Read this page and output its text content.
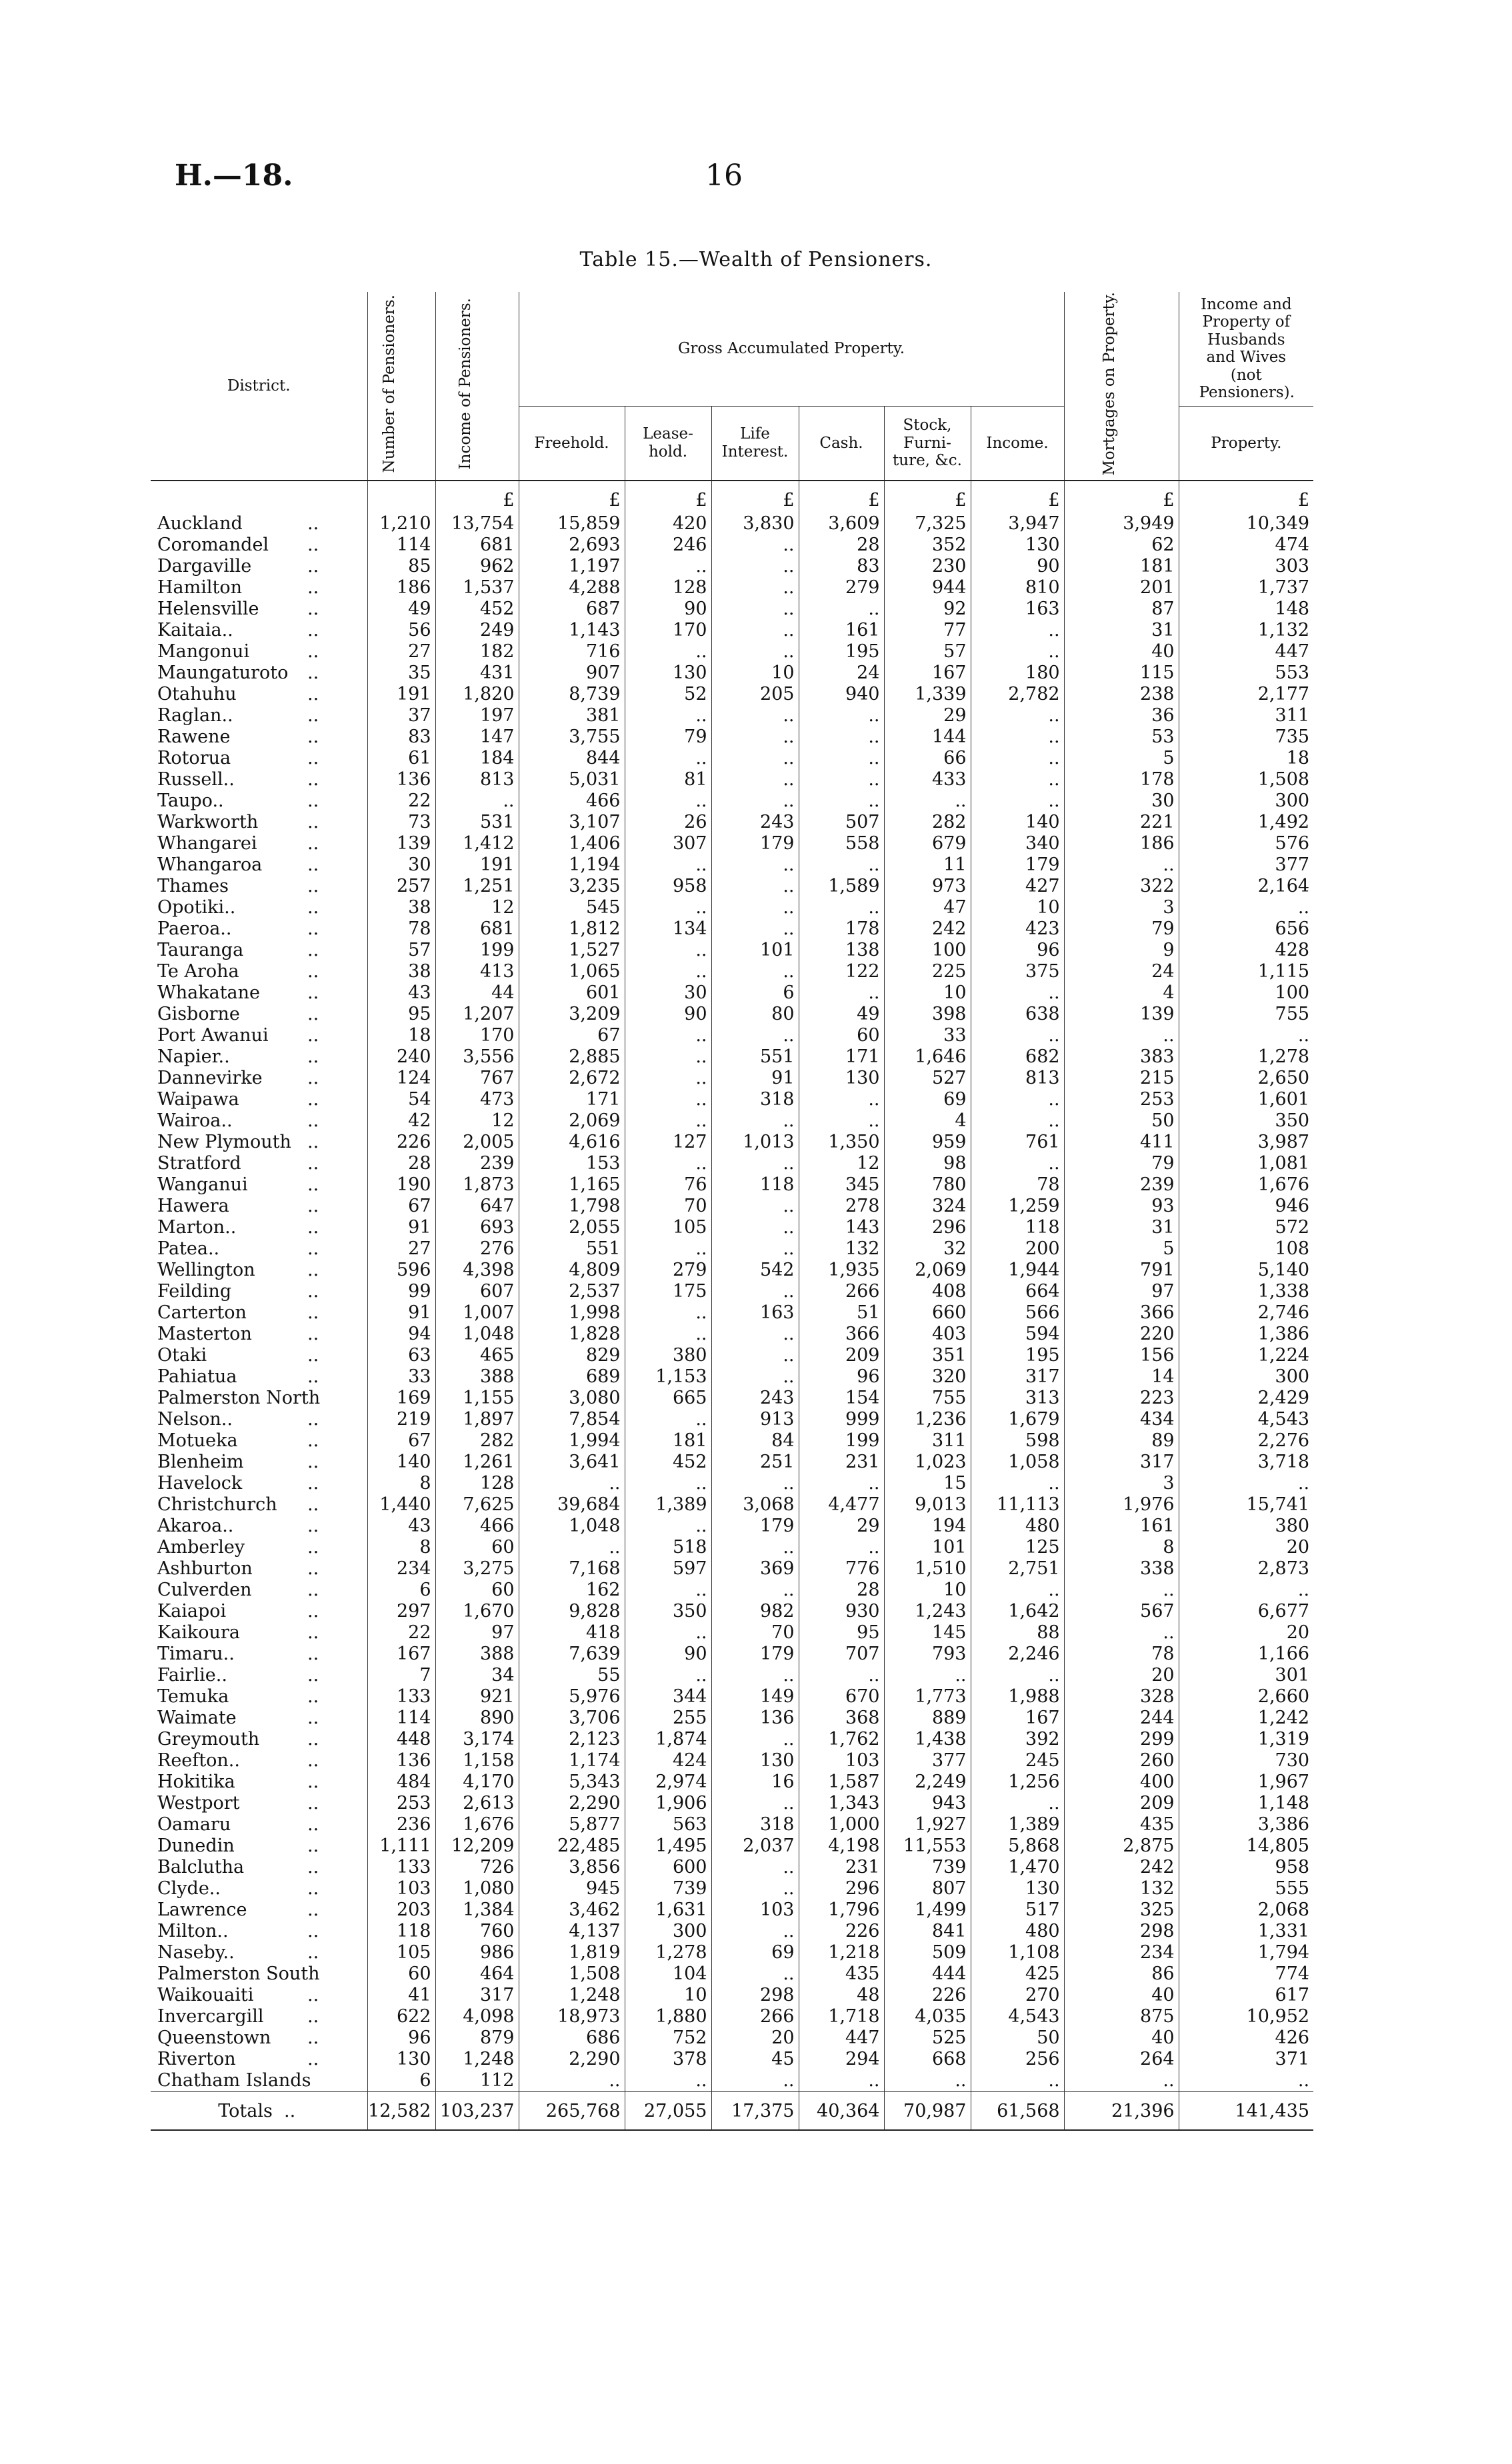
H.—18.	16
Table 15.—Wealth of Pensioners.
District.	Number of Pensioners.	Income of Pensioners.	Gross Accumulated Property.						Mortgages on Property.	Income and Property of Husbands and Wives (not Pensioners).
			Freehold.	Lease-hold.	Life Interest.	Cash.	Stock, Furni-ture, &c.	Income.		Property.
		£	£	£	£	£	£	£	£	£
Auckland ..	1,210	13,754	15,859	420	3,830	3,609	7,325	3,947	3,949	10,349
Coromandel ..	114	681	2,693	246	..	28	352	130	62	474
Dargaville ..	85	962	1,197	..	..	83	230	90	181	303
Hamilton ..	186	1,537	4,288	128	..	279	944	810	201	1,737
Helensville ..	49	452	687	90	..	..	92	163	87	148
Kaitaia.. ..	56	249	1,143	170	..	161	77	..	31	1,132
Mangonui ..	27	182	716	..	..	195	57	..	40	447
Maungaturoto ..	35	431	907	130	10	24	167	180	115	553
Otahuhu ..	191	1,820	8,739	52	205	940	1,339	2,782	238	2,177
Raglan.. ..	37	197	381	..	..	..	29	..	36	311
Rawene ..	83	147	3,755	79	..	..	144	..	53	735
Rotorua ..	61	184	844	..	..	..	66	..	5	18
Russell.. ..	136	813	5,031	81	..	..	433	..	178	1,508
Taupo.. ..	22	..	466	..	..	..	..	..	30	300
Warkworth ..	73	531	3,107	26	243	507	282	140	221	1,492
Whangarei ..	139	1,412	1,406	307	179	558	679	340	186	576
Whangaroa ..	30	191	1,194	..	..	..	11	179	..	377
Thames ..	257	1,251	3,235	958	..	1,589	973	427	322	2,164
Opotiki.. ..	38	12	545	..	..	..	47	10	3	..
Paeroa.. ..	78	681	1,812	134	..	178	242	423	79	656
Tauranga ..	57	199	1,527	..	101	138	100	96	9	428
Te Aroha ..	38	413	1,065	..	..	122	225	375	24	1,115
Whakatane ..	43	44	601	30	6	..	10	..	4	100
Gisborne ..	95	1,207	3,209	90	80	49	398	638	139	755
Port Awanui ..	18	170	67	..	..	60	33	..	..	..
Napier.. ..	240	3,556	2,885	..	551	171	1,646	682	383	1,278
Dannevirke ..	124	767	2,672	..	91	130	527	813	215	2,650
Waipawa ..	54	473	171	..	318	..	69	..	253	1,601
Wairoa.. ..	42	12	2,069	..	..	..	4	..	50	350
New Plymouth ..	226	2,005	4,616	127	1,013	1,350	959	761	411	3,987
Stratford ..	28	239	153	..	..	12	98	..	79	1,081
Wanganui ..	190	1,873	1,165	76	118	345	780	78	239	1,676
Hawera ..	67	647	1,798	70	..	278	324	1,259	93	946
Marton.. ..	91	693	2,055	105	..	143	296	118	31	572
Patea.. ..	27	276	551	..	..	132	32	200	5	108
Wellington ..	596	4,398	4,809	279	542	1,935	2,069	1,944	791	5,140
Feilding ..	99	607	2,537	175	..	266	408	664	97	1,338
Carterton ..	91	1,007	1,998	..	163	51	660	566	366	2,746
Masterton ..	94	1,048	1,828	..	..	366	403	594	220	1,386
Otaki ..	63	465	829	380	..	209	351	195	156	1,224
Pahiatua ..	33	388	689	1,153	..	96	320	317	14	300
Palmerston North	169	1,155	3,080	665	243	154	755	313	223	2,429
Nelson.. ..	219	1,897	7,854	..	913	999	1,236	1,679	434	4,543
Motueka ..	67	282	1,994	181	84	199	311	598	89	2,276
Blenheim ..	140	1,261	3,641	452	251	231	1,023	1,058	317	3,718
Havelock ..	8	128	..	..	..	..	15	..	3	..
Christchurch ..	1,440	7,625	39,684	1,389	3,068	4,477	9,013	11,113	1,976	15,741
Akaroa.. ..	43	466	1,048	..	179	29	194	480	161	380
Amberley ..	8	60	..	518	..	..	101	125	8	20
Ashburton ..	234	3,275	7,168	597	369	776	1,510	2,751	338	2,873
Culverden ..	6	60	162	..	..	28	10	..	..	..
Kaiapoi ..	297	1,670	9,828	350	982	930	1,243	1,642	567	6,677
Kaikoura ..	22	97	418	..	70	95	145	88	..	20
Timaru.. ..	167	388	7,639	90	179	707	793	2,246	78	1,166
Fairlie.. ..	7	34	55	..	..	..	..	..	20	301
Temuka ..	133	921	5,976	344	149	670	1,773	1,988	328	2,660
Waimate ..	114	890	3,706	255	136	368	889	167	244	1,242
Greymouth ..	448	3,174	2,123	1,874	..	1,762	1,438	392	299	1,319
Reefton.. ..	136	1,158	1,174	424	130	103	377	245	260	730
Hokitika ..	484	4,170	5,343	2,974	16	1,587	2,249	1,256	400	1,967
Westport ..	253	2,613	2,290	1,906	..	1,343	943	..	209	1,148
Oamaru ..	236	1,676	5,877	563	318	1,000	1,927	1,389	435	3,386
Dunedin ..	1,111	12,209	22,485	1,495	2,037	4,198	11,553	5,868	2,875	14,805
Balclutha ..	133	726	3,856	600	..	231	739	1,470	242	958
Clyde.. ..	103	1,080	945	739	..	296	807	130	132	555
Lawrence ..	203	1,384	3,462	1,631	103	1,796	1,499	517	325	2,068
Milton.. ..	118	760	4,137	300	..	226	841	480	298	1,331
Naseby.. ..	105	986	1,819	1,278	69	1,218	509	1,108	234	1,794
Palmerston South	60	464	1,508	104	..	435	444	425	86	774
Waikouaiti ..	41	317	1,248	10	298	48	226	270	40	617
Invercargill ..	622	4,098	18,973	1,880	266	1,718	4,035	4,543	875	10,952
Queenstown ..	96	879	686	752	20	447	525	50	40	426
Riverton ..	130	1,248	2,290	378	45	294	668	256	264	371
Chatham Islands	6	112	..	..	..	..	..	..	..	..
Totals ..	12,582	103,237	265,768	27,055	17,375	40,364	70,987	61,568	21,396	141,435
